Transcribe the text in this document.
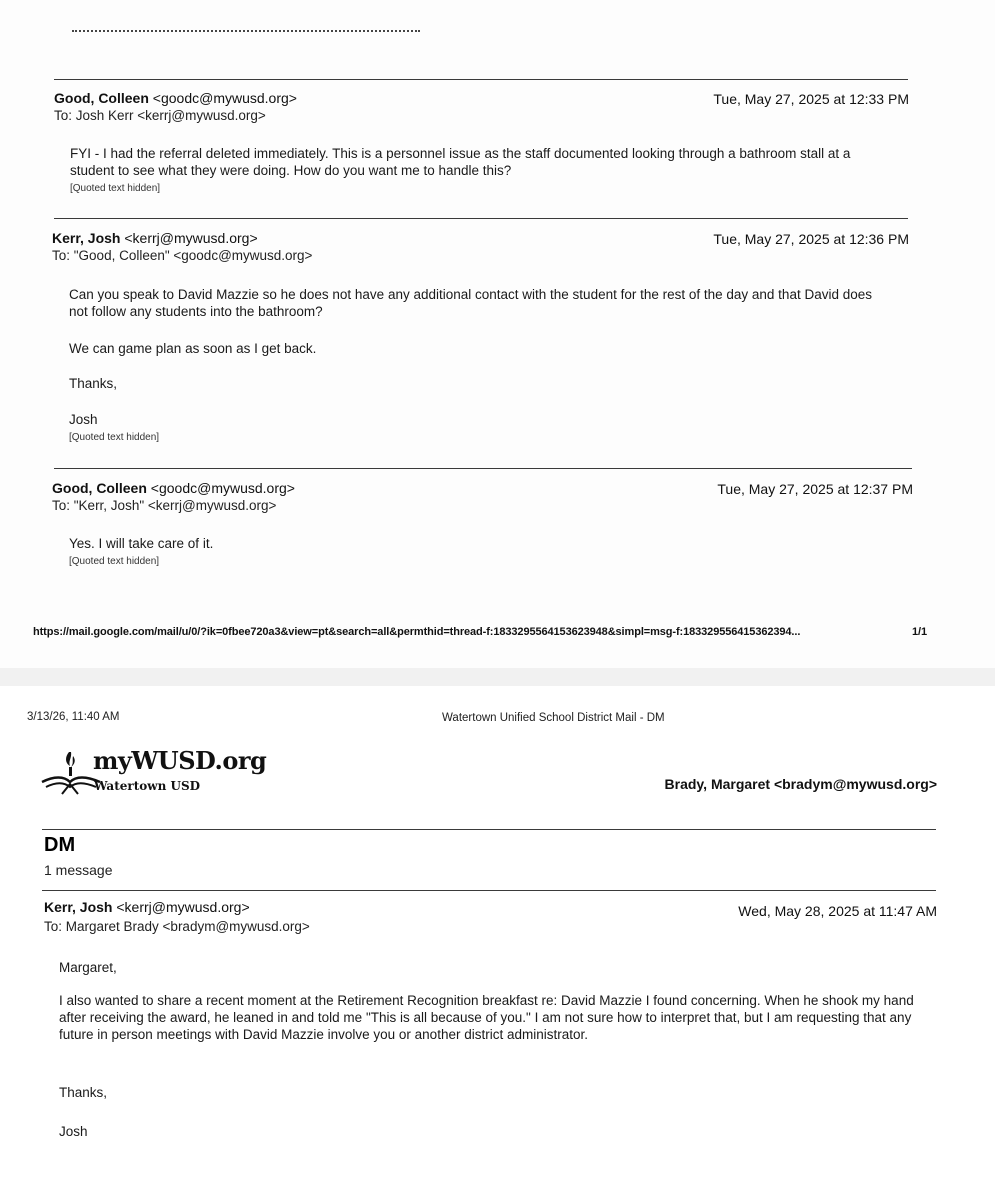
Good, Colleen <goodc@mywusd.org>	Tue, May 27, 2025 at 12:33 PM
To: Josh Kerr <kerrj@mywusd.org>

FYI - I had the referral deleted immediately. This is a personnel issue as the staff documented looking through a bathroom stall at a student to see what they were doing. How do you want me to handle this?

[Quoted text hidden]
Kerr, Josh <kerrj@mywusd.org>	Tue, May 27, 2025 at 12:36 PM
To: "Good, Colleen" <goodc@mywusd.org>

Can you speak to David Mazzie so he does not have any additional contact with the student for the rest of the day and that David does not follow any students into the bathroom?

We can game plan as soon as I get back.
Thanks,
Josh
[Quoted text hidden]
Good, Colleen <goodc@mywusd.org>	Tue, May 27, 2025 at 12:37 PM
To: "Kerr, Josh" <kerrj@mywusd.org>
Yes. I will take care of it.
[Quoted text hidden]
https://mail.google.com/mail/u/0/?ik=0fbee720a3&view=pt&search=all&permthid=thread-f:1833295564153623948&simpl=msg-f:183329556415362394...	1/1
3/13/26, 11:40 AM	Watertown Unified School District Mail - DM
myWUSD.org
Watertown USD	Brady, Margaret <bradym@mywusd.org>
DM
1 message
Kerr, Josh <kerrj@mywusd.org>	Wed, May 28, 2025 at 11:47 AM
To: Margaret Brady <bradym@mywusd.org>
Margaret,
I also wanted to share a recent moment at the Retirement Recognition breakfast re: David Mazzie I found concerning. When he shook my hand after receiving the award, he leaned in and told me "This is all because of you." I am not sure how to interpret that, but I am requesting that any future in person meetings with David Mazzie involve you or another district administrator.
Thanks,
Josh
